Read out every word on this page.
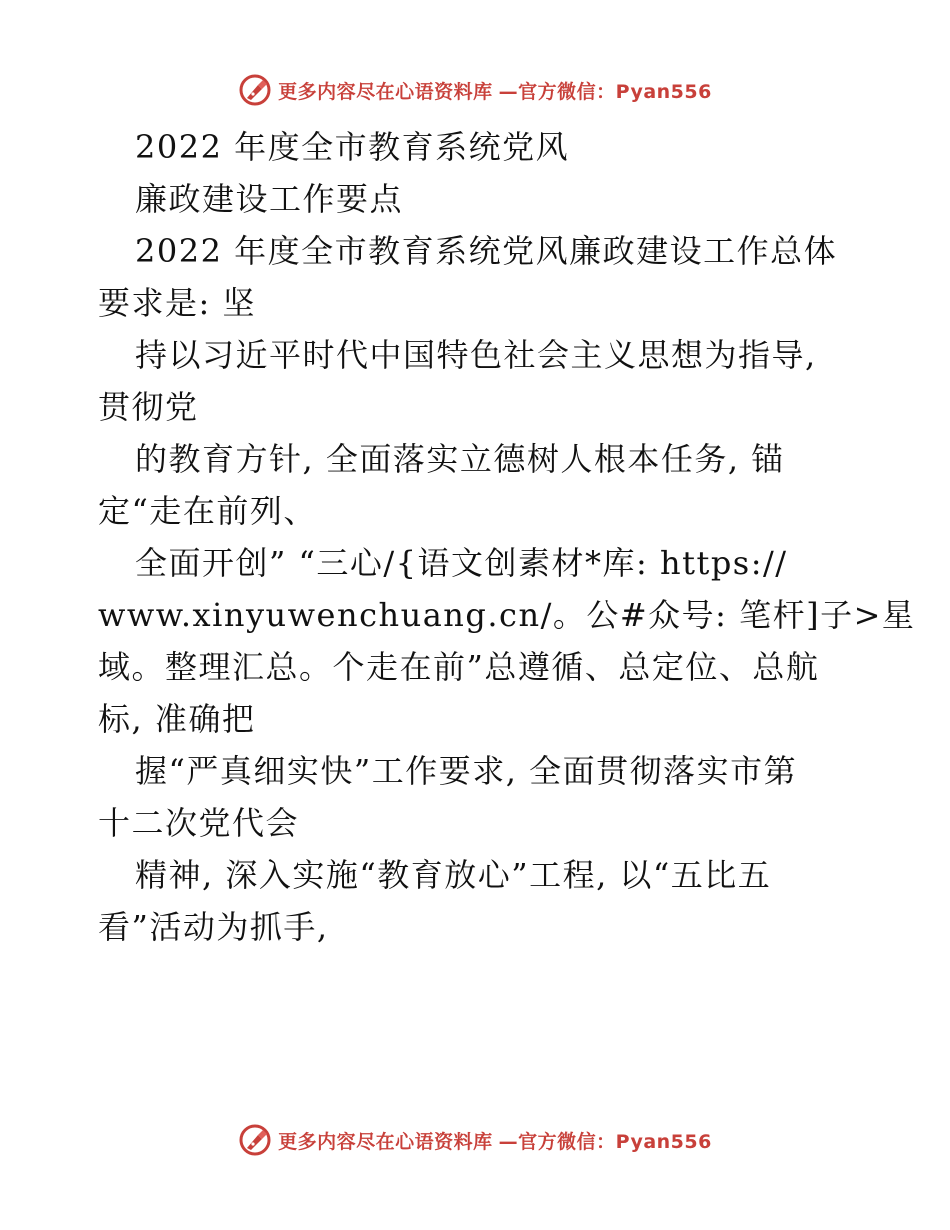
更多内容尽在心语资料库 —官方微信：Pyan556
2022 年度全市教育系统党风
廉政建设工作要点
2022 年度全市教育系统党风廉政建设工作总体
要求是: 坚
持以习近平时代中国特色社会主义思想为指导,
贯彻党
的教育方针, 全面落实立德树人根本任务, 锚
定“走在前列、
全面开创” “三心/{语文创素材*库: https://
www.xinyuwenchuang.cn/。公#众号: 笔杆]子>星
域。整理汇总。个走在前”总遵循、总定位、总航
标, 准确把
握“严真细实快”工作要求, 全面贯彻落实市第
十二次党代会
精神, 深入实施“教育放心”工程, 以“五比五
看”活动为抓手,
更多内容尽在心语资料库 —官方微信：Pyan556
